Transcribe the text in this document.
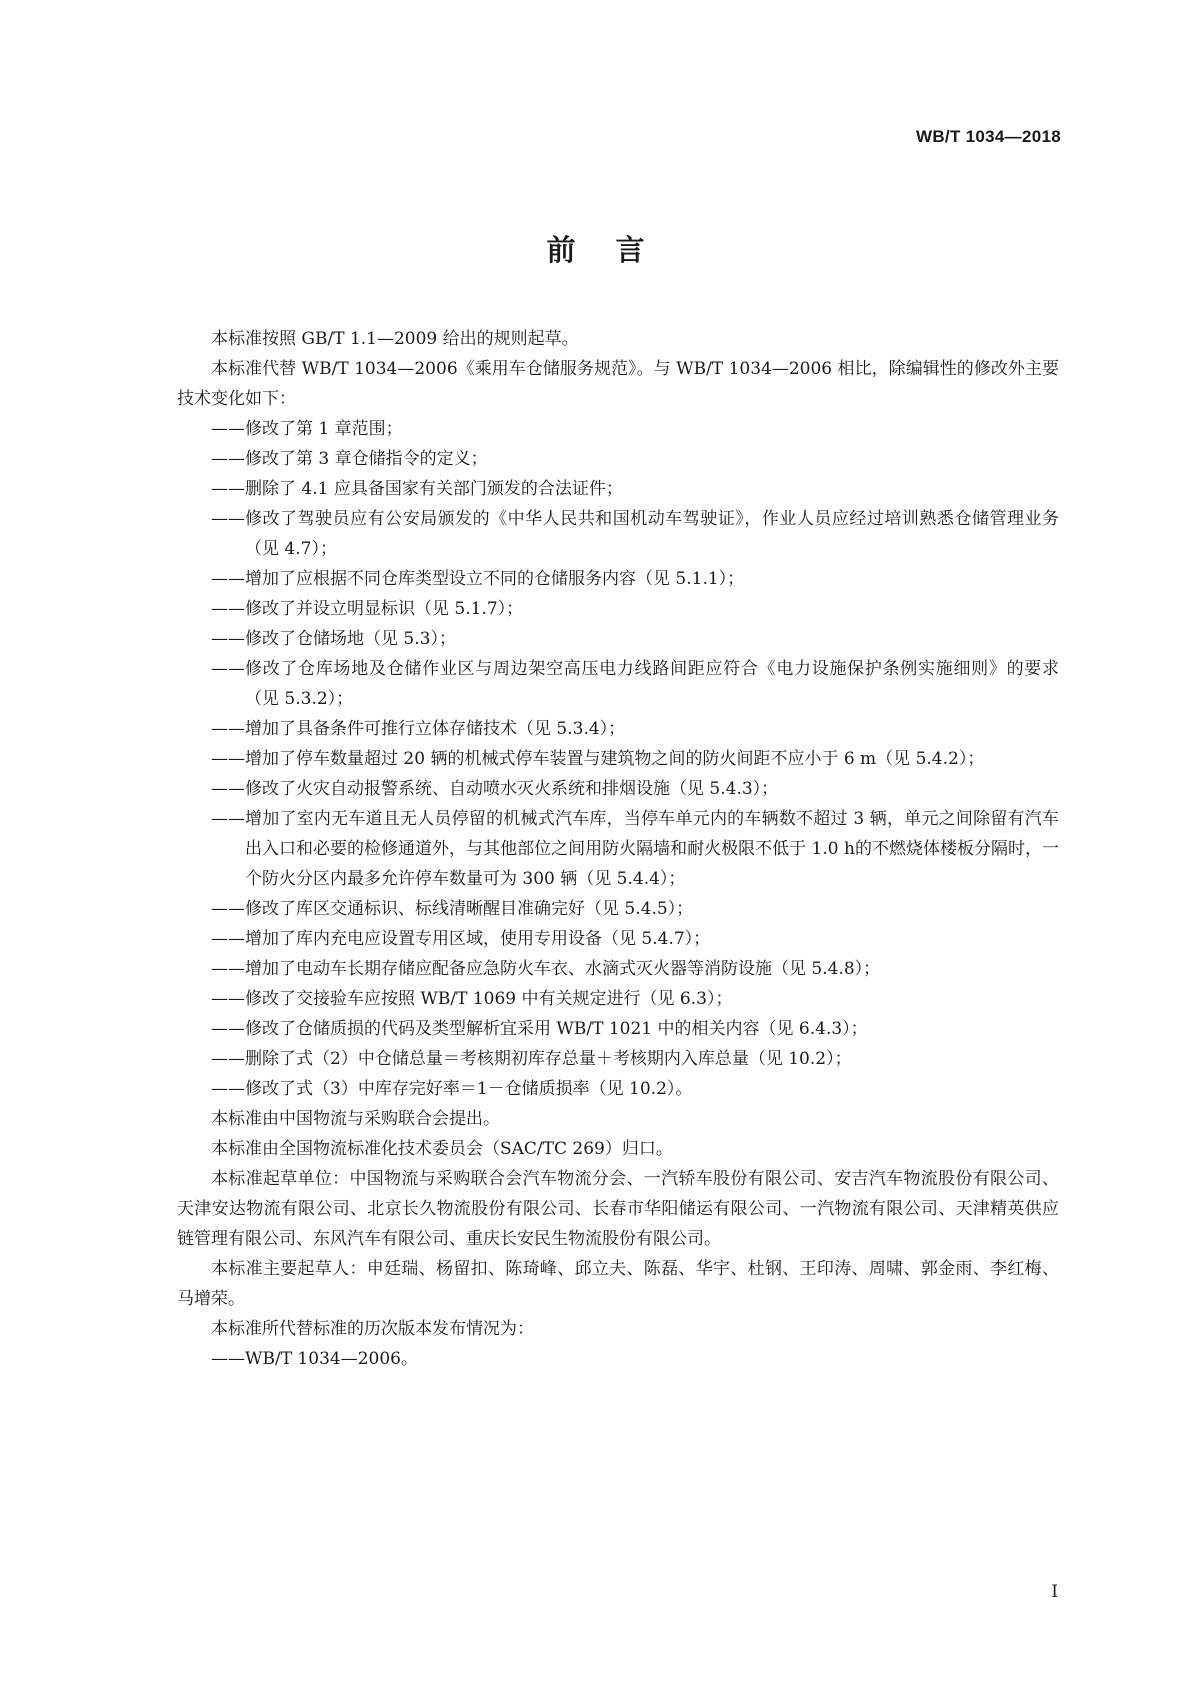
WB/T 1034—2018
前言

本标准按照 GB/T 1.1—2009 给出的规则起草。

本标准代替 WB/T 1034—2006《乘用车仓储服务规范》。与 WB/T 1034—2006 相比，除编辑性的修改外主要技术变化如下：

—— 修改了第 1 章范围；
—— 修改了第 3 章仓储指令的定义；
—— 删除了 4.1 应具备国家有关部门颁发的合法证件；
—— 修改了驾驶员应有公安局颁发的《中华人民共和国机动车驾驶证》，作业人员应经过培训熟悉仓储管理业务（见 4.7）；
—— 增加了应根据不同仓库类型设立不同的仓储服务内容（见 5.1.1）；
—— 修改了并设立明显标识（见 5.1.7）；
—— 修改了仓储场地（见 5.3）；
—— 修改了仓库场地及仓储作业区与周边架空高压电力线路间距应符合《电力设施保护条例实施细则》的要求（见 5.3.2）；
—— 增加了具备条件可推行立体存储技术（见 5.3.4）；
—— 增加了停车数量超过 20 辆的机械式停车装置与建筑物之间的防火间距不应小于 6 m（见 5.4.2）；
—— 修改了火灾自动报警系统、自动喷水灭火系统和排烟设施（见 5.4.3）；
—— 增加了室内无车道且无人员停留的机械式汽车库，当停车单元内的车辆数不超过 3 辆，单元之间除留有汽车出入口和必要的检修通道外，与其他部位之间用防火隔墙和耐火极限不低于 1.0 h的不燃烧体楼板分隔时，一个防火分区内最多允许停车数量可为 300 辆（见 5.4.4）；
—— 修改了库区交通标识、标线清晰醒目准确完好（见 5.4.5）；
—— 增加了库内充电应设置专用区域，使用专用设备（见 5.4.7）；
—— 增加了电动车长期存储应配备应急防火车衣、水滴式灭火器等消防设施（见 5.4.8）；
—— 修改了交接验车应按照 WB/T 1069 中有关规定进行（见 6.3）；
—— 修改了仓储质损的代码及类型解析宜采用 WB/T 1021 中的相关内容（见 6.4.3）；
—— 删除了式（2）中仓储总量＝考核期初库存总量＋考核期内入库总量（见 10.2）；
—— 修改了式（3）中库存完好率＝1－仓储质损率（见 10.2）。

本标准由中国物流与采购联合会提出。

本标准由全国物流标准化技术委员会（SAC/TC 269）归口。

本标准起草单位：中国物流与采购联合会汽车物流分会、一汽轿车股份有限公司、安吉汽车物流股份有限公司、天津安达物流有限公司、北京长久物流股份有限公司、长春市华阳储运有限公司、一汽物流有限公司、天津精英供应链管理有限公司、东风汽车有限公司、重庆长安民生物流股份有限公司。

本标准主要起草人：申廷瑞、杨留扣、陈琦峰、邱立夫、陈磊、华宇、杜钢、王印涛、周啸、郭金雨、李红梅、马增荣。

本标准所代替标准的历次版本发布情况为：

—— WB/T 1034—2006。
I
